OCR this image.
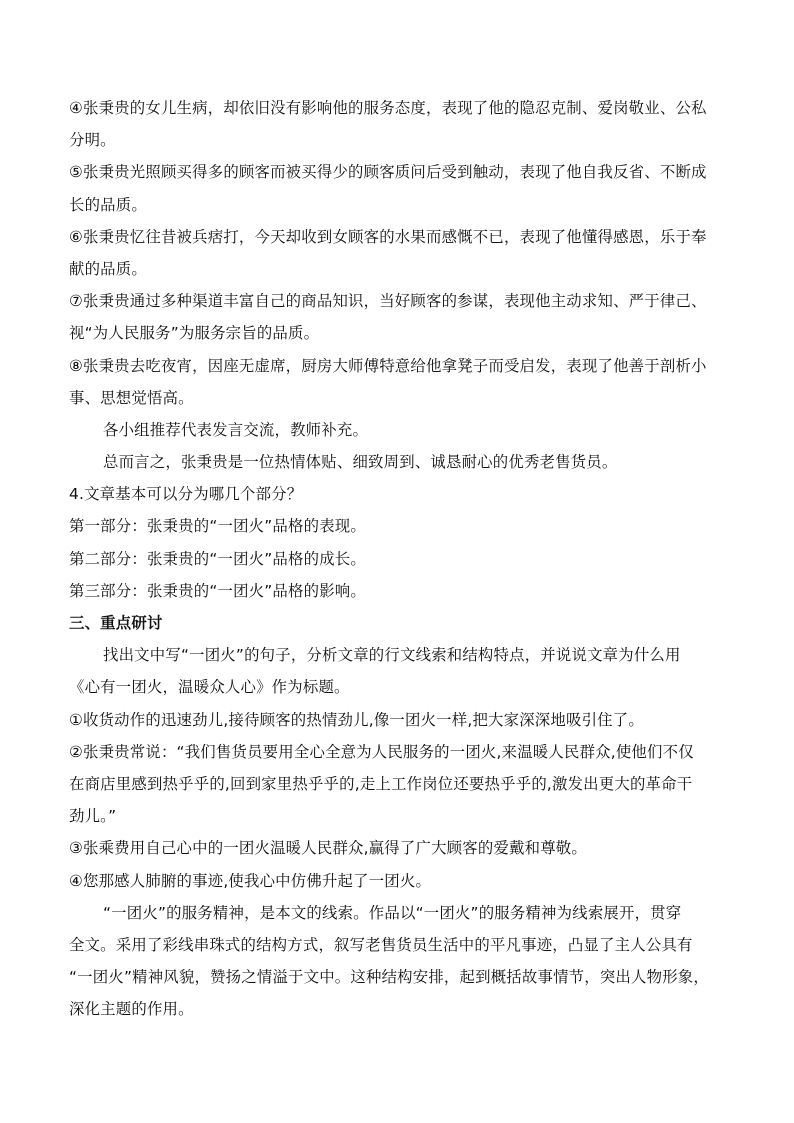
④张秉贵的女儿生病，却依旧没有影响他的服务态度，表现了他的隐忍克制、爱岗敬业、公私
分明。
⑤张秉贵光照顾买得多的顾客而被买得少的顾客质问后受到触动，表现了他自我反省、不断成
长的品质。
⑥张秉贵忆往昔被兵痞打，今天却收到女顾客的水果而感慨不已，表现了他懂得感恩，乐于奉
献的品质。
⑦张秉贵通过多种渠道丰富自己的商品知识，当好顾客的参谋，表现他主动求知、严于律己、
视“为人民服务”为服务宗旨的品质。
⑧张秉贵去吃夜宵，因座无虚席，厨房大师傅特意给他拿凳子而受启发，表现了他善于剖析小
事、思想觉悟高。
各小组推荐代表发言交流，教师补充。
总而言之，张秉贵是一位热情体贴、细致周到、诚恳耐心的优秀老售货员。
4.文章基本可以分为哪几个部分？
第一部分：张秉贵的“一团火”品格的表现。
第二部分：张秉贵的“一团火”品格的成长。
第三部分：张秉贵的“一团火”品格的影响。
三、重点研讨
找出文中写“一团火”的句子，分析文章的行文线索和结构特点，并说说文章为什么用
《心有一团火，温暖众人心》作为标题。
①收货动作的迅速劲儿,接待顾客的热情劲儿,像一团火一样,把大家深深地吸引住了。
②张秉贵常说：“我们售货员要用全心全意为人民服务的一团火,来温暖人民群众,使他们不仅
在商店里感到热乎乎的,回到家里热乎乎的,走上工作岗位还要热乎乎的,激发出更大的革命干
劲儿。”
③张乘费用自己心中的一团火温暖人民群众,赢得了广大顾客的爱戴和尊敬。
④您那感人肺腑的事迹,使我心中仿佛升起了一团火。
“一团火”的服务精神，是本文的线索。作品以“一团火”的服务精神为线索展开，贯穿
全文。采用了彩线串珠式的结构方式，叙写老售货员生活中的平凡事迹，凸显了主人公具有
“一团火”精神风貌，赞扬之情溢于文中。这种结构安排，起到概括故事情节，突出人物形象，
深化主题的作用。
